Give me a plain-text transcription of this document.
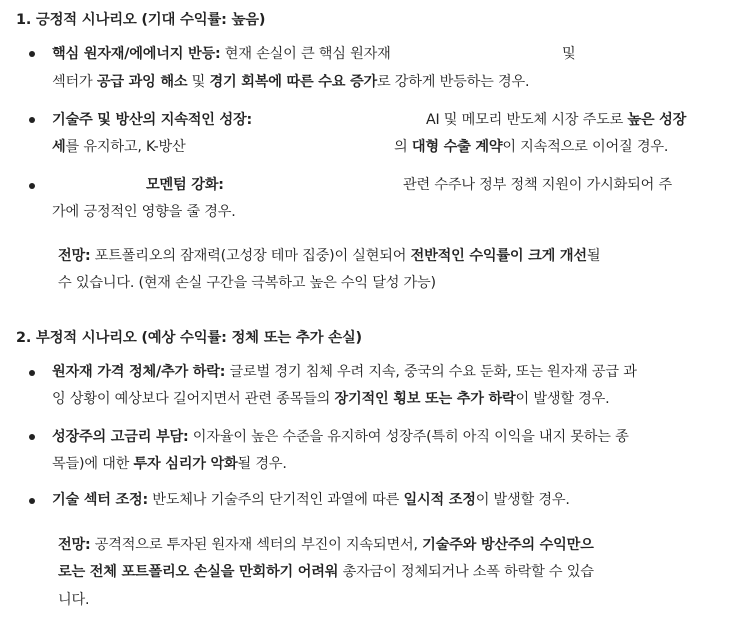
1. 긍정적 시나리오 (기대 수익률: 높음)
핵심 원자재/에에너지 반등: 현재 손실이 큰 핵심 원자재	및
섹터가 공급 과잉 해소 및 경기 회복에 따른 수요 증가로 강하게 반등하는 경우.
기술주 및 방산의 지속적인 성장:	AI 및 메모리 반도체 시장 주도로 높은 성장
세를 유지하고, K-방산	의 대형 수출 계약이 지속적으로 이어질 경우.
모멘텀 강화:	관련 수주나 정부 정책 지원이 가시화되어 주
가에 긍정적인 영향을 줄 경우.
전망: 포트폴리오의 잠재력(고성장 테마 집중)이 실현되어 전반적인 수익률이 크게 개선될
수 있습니다. (현재 손실 구간을 극복하고 높은 수익 달성 가능)
2. 부정적 시나리오 (예상 수익률: 정체 또는 추가 손실)
원자재 가격 정체/추가 하락: 글로벌 경기 침체 우려 지속, 중국의 수요 둔화, 또는 원자재 공급 과
잉 상황이 예상보다 길어지면서 관련 종목들의 장기적인 횡보 또는 추가 하락이 발생할 경우.
성장주의 고금리 부담: 이자율이 높은 수준을 유지하여 성장주(특히 아직 이익을 내지 못하는 종
목들)에 대한 투자 심리가 악화될 경우.
기술 섹터 조정: 반도체나 기술주의 단기적인 과열에 따른 일시적 조정이 발생할 경우.
전망: 공격적으로 투자된 원자재 섹터의 부진이 지속되면서, 기술주와 방산주의 수익만으
로는 전체 포트폴리오 손실을 만회하기 어려워 총자금이 정체되거나 소폭 하락할 수 있습
니다.
